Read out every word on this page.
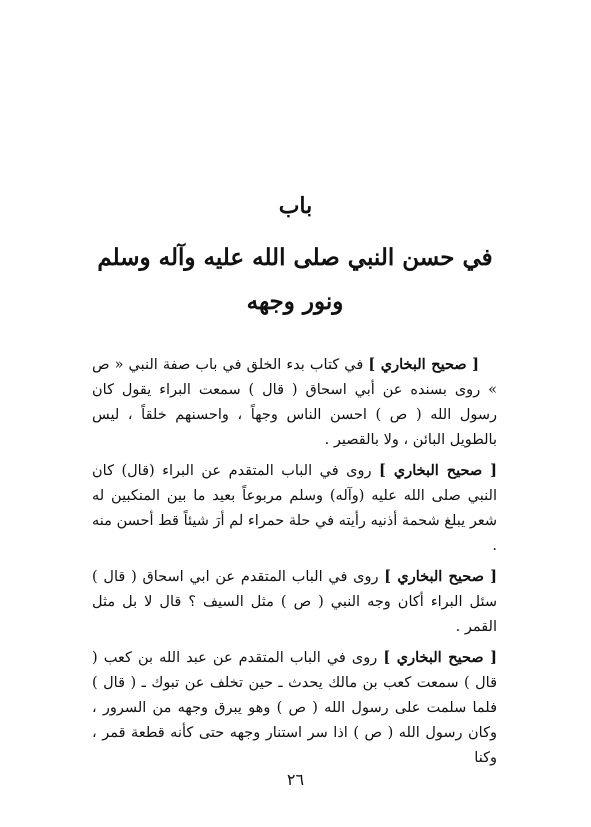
باب
في حسن النبي صلى الله عليه وآله وسلم
ونور وجهه

[ صحيح البخاري ] في كتاب بدء الخلق في باب صفة النبي « ص » روى بسنده عن أبي اسحاق ( قال ) سمعت البراء يقول كان رسول الله ( ص ) احسن الناس وجهاً ، واحسنهم خلقاً ، ليس بالطويل البائن ، ولا بالقصير .

[ صحيح البخاري ] روى في الباب المتقدم عن البراء (قال) كان النبي صلى الله عليه (وآله) وسلم مربوعاً بعيد ما بين المنكبين له شعر يبلغ شحمة أذنيه رأيته في حلة حمراء لم أرَ شيئاً قط أحسن منه .

[ صحيح البخاري ] روى في الباب المتقدم عن ابي اسحاق ( قال ) سئل البراء أكان وجه النبي ( ص ) مثل السيف ؟ قال لا بل مثل القمر .

[ صحيح البخاري ] روى في الباب المتقدم عن عبد الله بن كعب ( قال ) سمعت كعب بن مالك يحدث ـ حين تخلف عن تبوك ـ ( قال ) فلما سلمت على رسول الله ( ص ) وهو يبرق وجهه من السرور ، وكان رسول الله ( ص ) اذا سر استنار وجهه حتى كأنه قطعة قمر ، وكنا

٢٦
